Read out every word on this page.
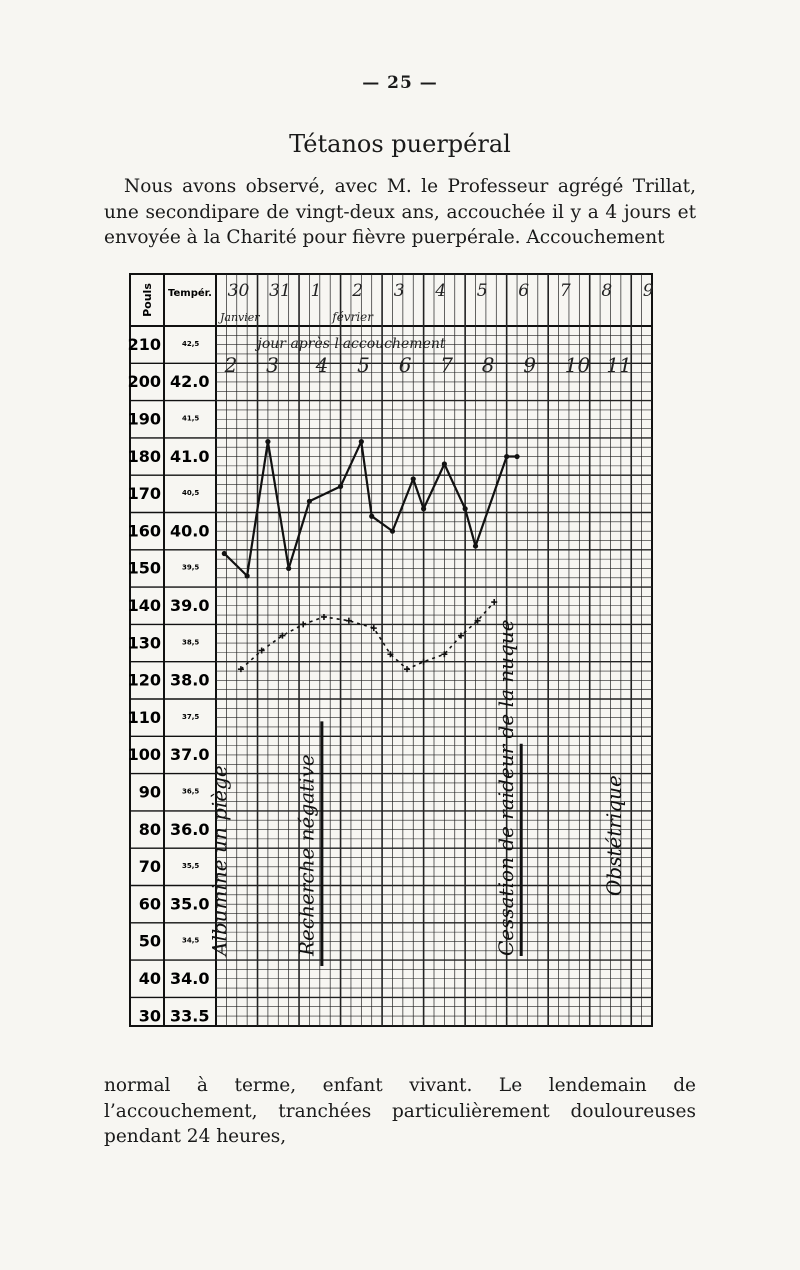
— 25 —
Tétanos puerpéral
Nous avons observé, avec M. le Professeur agrégé Trillat, une secondipare de vingt-deux ans, accouchée il y a 4 jours et envoyée à la Charité pour fièvre puerpérale. Accouchement
Pouls Tempér.
210
200
190
180
170
160
150
140
130
120
110
100
90
80
70
60
50
40
30
42,5
42.0
41,5
41.0
40,5
40.0
39,5
39.0
38,5
38.0
37,5
37.0
36,5
36.0
35,5
35.0
34,5
34.0
33.5
30 31 1 2 3 4 5 6 7 8 9
Janvier	février
jour après l'accouchement
2 3 4 5 6 7 8 9 10 11
Albumine un piège	Recherche négative	Cessation de raideur de la nuque	Obstétrique
normal à terme, enfant vivant. Le lendemain de l’accouchement, tranchées particulièrement douloureuses pendant 24 heures,
